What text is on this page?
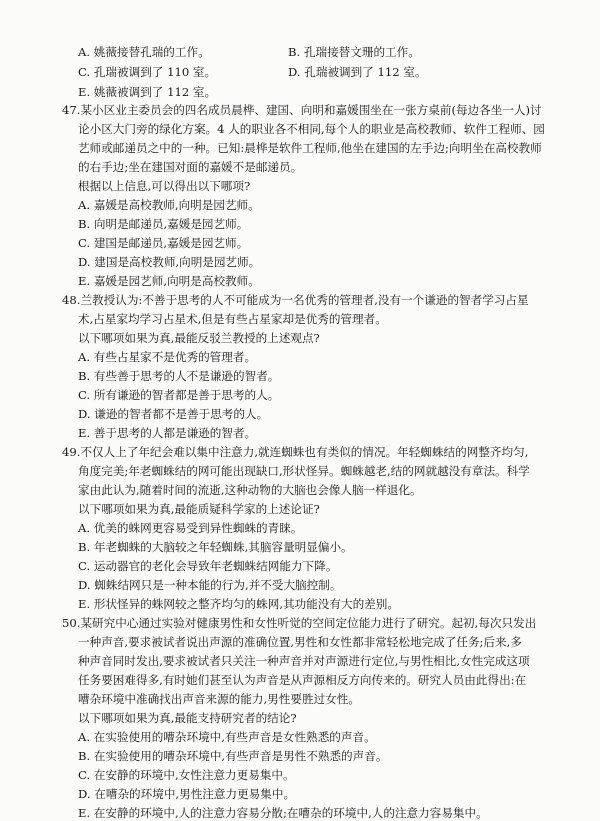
A. 姚薇接替孔瑞的工作。	B. 孔瑞接替文珊的工作。
C. 孔瑞被调到了 110 室。	D. 孔瑞被调到了 112 室。
E. 姚薇被调到了 112 室。
47.某小区业主委员会的四名成员晨桦、建国、向明和嘉媛围坐在一张方桌前(每边各坐一人)讨
论小区大门旁的绿化方案。4 人的职业各不相同,每个人的职业是高校教师、软件工程师、园
艺师或邮递员之中的一种。已知:晨桦是软件工程师,他坐在建国的左手边;向明坐在高校教师
的右手边;坐在建国对面的嘉媛不是邮递员。
根据以上信息,可以得出以下哪项?
A. 嘉媛是高校教师,向明是园艺师。
B. 向明是邮递员,嘉媛是园艺师。
C. 建国是邮递员,嘉媛是园艺师。
D. 建国是高校教师,向明是园艺师。
E. 嘉媛是园艺师,向明是高校教师。
48.兰教授认为:不善于思考的人不可能成为一名优秀的管理者,没有一个谦逊的智者学习占星
术,占星家均学习占星术,但是有些占星家却是优秀的管理者。
以下哪项如果为真,最能反驳兰教授的上述观点?
A. 有些占星家不是优秀的管理者。
B. 有些善于思考的人不是谦逊的智者。
C. 所有谦逊的智者都是善于思考的人。
D. 谦逊的智者都不是善于思考的人。
E. 善于思考的人都是谦逊的智者。
49.不仅人上了年纪会难以集中注意力,就连蜘蛛也有类似的情况。年轻蜘蛛结的网整齐均匀,
角度完美;年老蜘蛛结的网可能出现缺口,形状怪异。蜘蛛越老,结的网就越没有章法。科学
家由此认为,随着时间的流逝,这种动物的大脑也会像人脑一样退化。
以下哪项如果为真,最能质疑科学家的上述论证?
A. 优美的蛛网更容易受到异性蜘蛛的青睐。
B. 年老蜘蛛的大脑较之年轻蜘蛛,其脑容量明显偏小。
C. 运动器官的老化会导致年老蜘蛛结网能力下降。
D. 蜘蛛结网只是一种本能的行为,并不受大脑控制。
E. 形状怪异的蛛网较之整齐均匀的蛛网,其功能没有大的差别。
50.某研究中心通过实验对健康男性和女性听觉的空间定位能力进行了研究。起初,每次只发出
一种声音,要求被试者说出声源的准确位置,男性和女性都非常轻松地完成了任务;后来,多
种声音同时发出,要求被试者只关注一种声音并对声源进行定位,与男性相比,女性完成这项
任务要困难得多,有时她们甚至认为声音是从声源相反方向传来的。研究人员由此得出:在
嘈杂环境中准确找出声音来源的能力,男性要胜过女性。
以下哪项如果为真,最能支持研究者的结论?
A. 在实验使用的嘈杂环境中,有些声音是女性熟悉的声音。
B. 在实验使用的嘈杂环境中,有些声音是男性不熟悉的声音。
C. 在安静的环境中,女性注意力更易集中。
D. 在嘈杂的环境中,男性注意力更易集中。
E. 在安静的环境中,人的注意力容易分散;在嘈杂的环境中,人的注意力容易集中。
